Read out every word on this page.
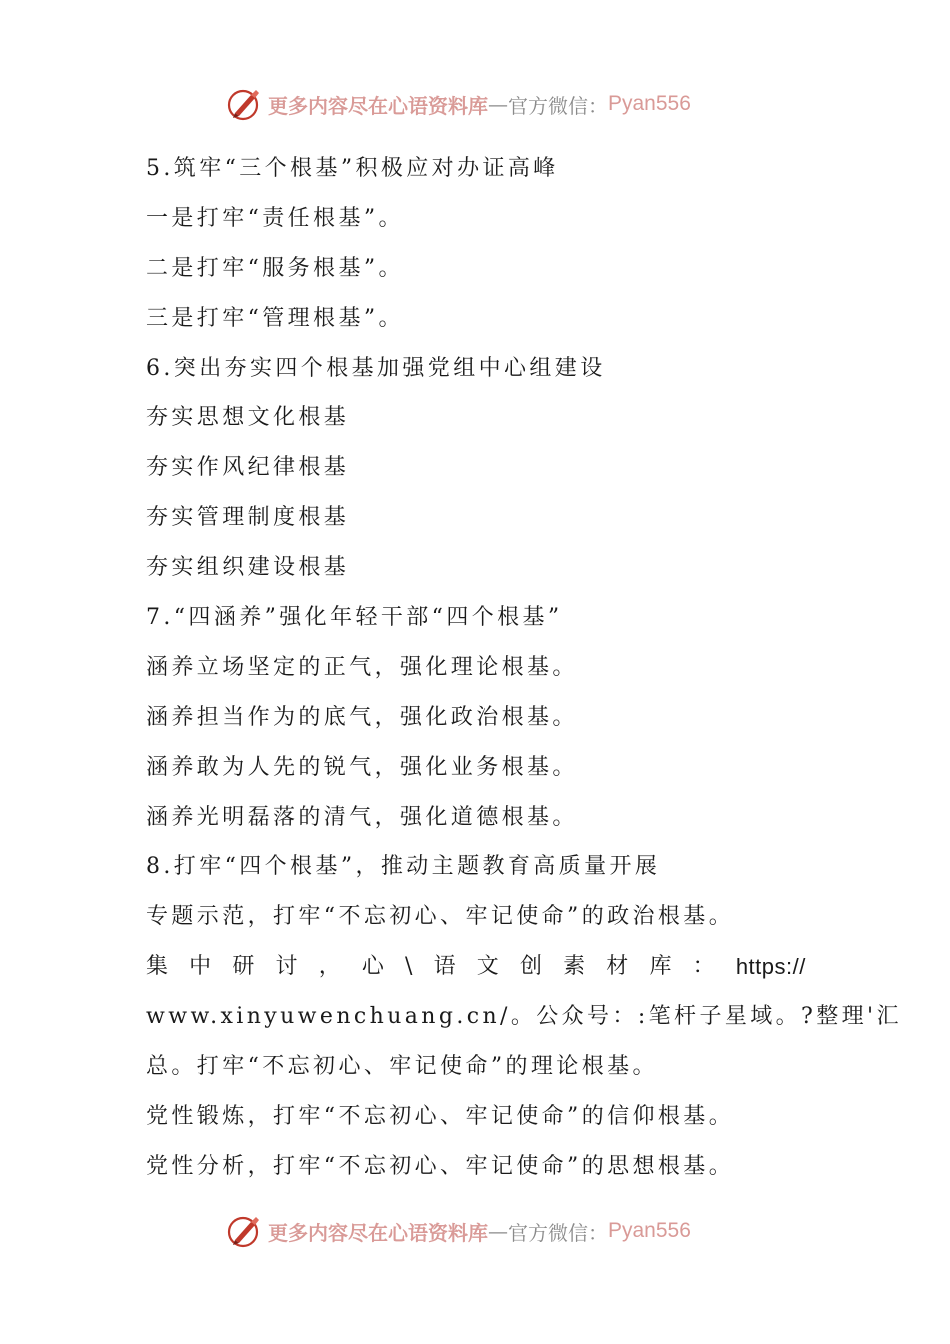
更多内容尽在心语资料库 — 官方微信： Pyan556
5.筑牢“三个根基”积极应对办证高峰
一是打牢“责任根基”。
二是打牢“服务根基”。
三是打牢“管理根基”。
6.突出夯实四个根基加强党组中心组建设
夯实思想文化根基
夯实作风纪律根基
夯实管理制度根基
夯实组织建设根基
7.“四涵养”强化年轻干部“四个根基”
涵养立场坚定的正气，强化理论根基。
涵养担当作为的底气，强化政治根基。
涵养敢为人先的锐气，强化业务根基。
涵养光明磊落的清气，强化道德根基。
8.打牢“四个根基”，推动主题教育高质量开展
专题示范，打牢“不忘初心、牢记使命”的政治根基。
集 中 研 讨 ， 心 \ 语 文 创 素 材 库 ： https://
www.xinyuwenchuang.cn/。公众号：:笔杆子星域。?整理'汇
总。打牢“不忘初心、牢记使命”的理论根基。
党性锻炼，打牢“不忘初心、牢记使命”的信仰根基。
党性分析，打牢“不忘初心、牢记使命”的思想根基。
更多内容尽在心语资料库 — 官方微信： Pyan556
